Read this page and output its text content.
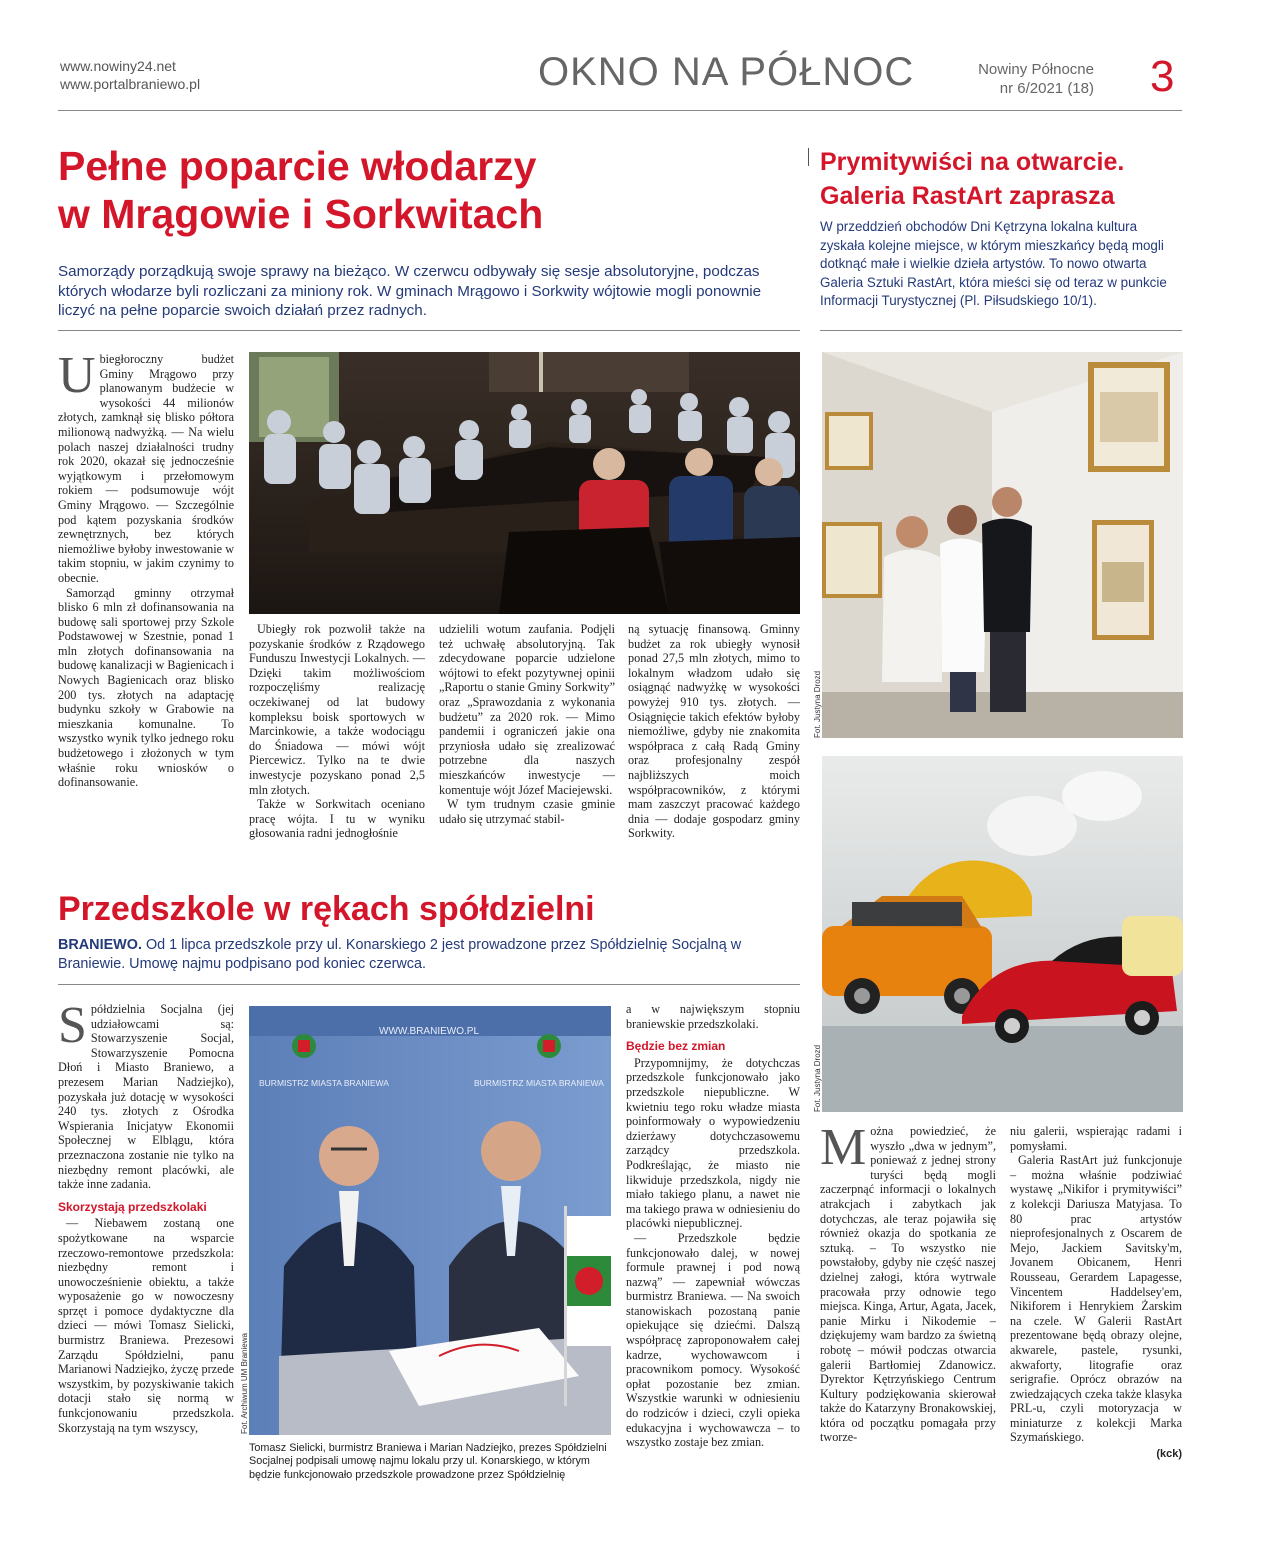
www.nowiny24.net
www.portalbraniewo.pl	OKNO NA PÓŁNOC	Nowiny Północne
nr 6/2021 (18) 3
Pełne poparcie włodarzy
w Mrągowie i Sorkwitach
Samorządy porządkują swoje sprawy na bieżąco. W czerwcu odbywały się sesje absolutoryjne, podczas których włodarze byli rozliczani za miniony rok. W gminach Mrągowo i Sorkwity wójtowie mogli ponownie liczyć na pełne poparcie swoich działań przez radnych.

Ubiegłoroczny budżet Gminy Mrągowo przy planowanym budżecie w wysokości 44 milionów złotych, zamknął się blisko półtora milionową nadwyżką. — Na wielu polach naszej działalności trudny rok 2020, okazał się jednocześnie wyjątkowym i przełomowym rokiem — podsumowuje wójt Gminy Mrągowo. — Szczególnie pod kątem pozyskania środków zewnętrznych, bez których niemożliwe byłoby inwestowanie w takim stopniu, w jakim czynimy to obecnie.

Samorząd gminny otrzymał blisko 6 mln zł dofinansowania na budowę sali sportowej przy Szkole Podstawowej w Szestnie, ponad 1 mln złotych dofinansowania na budowę kanalizacji w Bagienicach i Nowych Bagienicach oraz blisko 200 tys. złotych na adaptację budynku szkoły w Grabowie na mieszkania komunalne. To wszystko wynik tylko jednego roku budżetowego i złożonych w tym właśnie roku wniosków o dofinansowanie.

Ubiegły rok pozwolił także na pozyskanie środków z Rządowego Funduszu Inwestycji Lokalnych. — Dzięki takim możliwościom rozpoczęliśmy realizację oczekiwanej od lat budowy kompleksu boisk sportowych w Marcinkowie, a także wodociągu do Śniadowa — mówi wójt Piercewicz. Tylko na te dwie inwestycje pozyskano ponad 2,5 mln złotych.

Także w Sorkwitach oceniano pracę wójta. I tu w wyniku głosowania radni jednogłośnie

udzielili wotum zaufania. Podjęli też uchwałę absolutoryjną. Tak zdecydowane poparcie udzielone wójtowi to efekt pozytywnej opinii „Raportu o stanie Gminy Sorkwity” oraz „Sprawozdania z wykonania budżetu” za 2020 rok. — Mimo pandemii i ograniczeń jakie ona przyniosła udało się zrealizować potrzebne dla naszych mieszkańców inwestycje — komentuje wójt Józef Maciejewski.

W tym trudnym czasie gminie udało się utrzymać stabil-

ną sytuację finansową. Gminny budżet za rok ubiegły wynosił ponad 27,5 mln złotych, mimo to lokalnym władzom udało się osiągnąć nadwyżkę w wysokości powyżej 910 tys. złotych. — Osiągnięcie takich efektów byłoby niemożliwe, gdyby nie znakomita współpraca z całą Radą Gminy oraz profesjonalny zespół najbliższych moich współpracowników, z którymi mam zaszczyt pracować każdego dnia — dodaje gospodarz gminy Sorkwity.

Prymitywiści na otwarcie.
Galeria RastArt zaprasza
W przeddzień obchodów Dni Kętrzyna lokalna kultura zyskała kolejne miejsce, w którym mieszkańcy będą mogli dotknąć małe i wielkie dzieła artystów. To nowo otwarta Galeria Sztuki RastArt, która mieści się od teraz w punkcie Informacji Turystycznej (Pl. Piłsudskiego 10/1).
Fot. Justyna Drozd
Fot. Justyna Drozd

Można powiedzieć, że wyszło „dwa w jednym”, ponieważ z jednej strony turyści będą mogli zaczerpnąć informacji o lokalnych atrakcjach i zabytkach jak dotychczas, ale teraz pojawiła się również okazja do spotkania ze sztuką. – To wszystko nie powstałoby, gdyby nie część naszej dzielnej załogi, która wytrwale pracowała przy odnowie tego miejsca. Kinga, Artur, Agata, Jacek, panie Mirku i Nikodemie – dziękujemy wam bardzo za świetną robotę – mówił podczas otwarcia galerii Bartłomiej Zdanowicz. Dyrektor Kętrzyńskiego Centrum Kultury podziękowania skierował także do Katarzyny Bronakowskiej, która od początku pomagała przy tworze-

niu galerii, wspierając radami i pomysłami.

Galeria RastArt już funkcjonuje – można właśnie podziwiać wystawę „Nikifor i prymitywiści” z kolekcji Dariusza Matyjasa. To 80 prac artystów nieprofesjonalnych z Oscarem de Mejo, Jackiem Savitsky'm, Jovanem Obicanem, Henri Rousseau, Gerardem Lapagesse, Vincentem Haddelsey'em, Nikiforem i Henrykiem Żarskim na czele. W Galerii RastArt prezentowane będą obrazy olejne, akwarele, pastele, rysunki, akwaforty, litografie oraz serigrafie. Oprócz obrazów na zwiedzających czeka także klasyka PRL-u, czyli motoryzacja w miniaturze z kolekcji Marka Szymańskiego.

(kck)
Przedszkole w rękach spółdzielni
BRANIEWO. Od 1 lipca przedszkole przy ul. Konarskiego 2 jest prowadzone przez Spółdzielnię Socjalną w Braniewie. Umowę najmu podpisano pod koniec czerwca.
WWW.BRANIEWO.PL
BURMISTRZ MIASTA BRANIEWA	BURMISTRZ MIASTA BRANIEWA
Fot. Archiwum UM Braniewa
Tomasz Sielicki, burmistrz Braniewa i Marian Nadziejko, prezes Spółdzielni Socjalnej podpisali umowę najmu lokalu przy ul. Konarskiego, w którym będzie funkcjonowało przedszkole prowadzone przez Spółdzielnię

Spółdzielnia Socjalna (jej udziałowcami są: Stowarzyszenie Socjal, Stowarzyszenie Pomocna Dłoń i Miasto Braniewo, a prezesem Marian Nadziejko), pozyskała już dotację w wysokości 240 tys. złotych z Ośrodka Wspierania Inicjatyw Ekonomii Społecznej w Elblągu, która przeznaczona zostanie nie tylko na niezbędny remont placówki, ale także inne zadania.

Skorzystają przedszkolaki

— Niebawem zostaną one spożytkowane na wsparcie rzeczowo-remontowe przedszkola: niezbędny remont i unowocześnienie obiektu, a także wyposażenie go w nowoczesny sprzęt i pomoce dydaktyczne dla dzieci — mówi Tomasz Sielicki, burmistrz Braniewa. Prezesowi Zarządu Spółdzielni, panu Marianowi Nadziejko, życzę przede wszystkim, by pozyskiwanie takich dotacji stało się normą w funkcjonowaniu przedszkola. Skorzystają na tym wszyscy,

a w największym stopniu braniewskie przedszkolaki.

Będzie bez zmian

Przypomnijmy, że dotychczas przedszkole funkcjonowało jako przedszkole niepubliczne. W kwietniu tego roku władze miasta poinformowały o wypowiedzeniu dzierżawy dotychczasowemu zarządcy przedszkola. Podkreślając, że miasto nie likwiduje przedszkola, nigdy nie miało takiego planu, a nawet nie ma takiego prawa w odniesieniu do placówki niepublicznej.

— Przedszkole będzie funkcjonowało dalej, w nowej formule prawnej i pod nową nazwą” — zapewniał wówczas burmistrz Braniewa. — Na swoich stanowiskach pozostaną panie opiekujące się dziećmi. Dalszą współpracę zaproponowałem całej kadrze, wychowawcom i pracownikom pomocy. Wysokość opłat pozostanie bez zmian. Wszystkie warunki w odniesieniu do rodziców i dzieci, czyli opieka edukacyjna i wychowawcza – to wszystko zostaje bez zmian.
